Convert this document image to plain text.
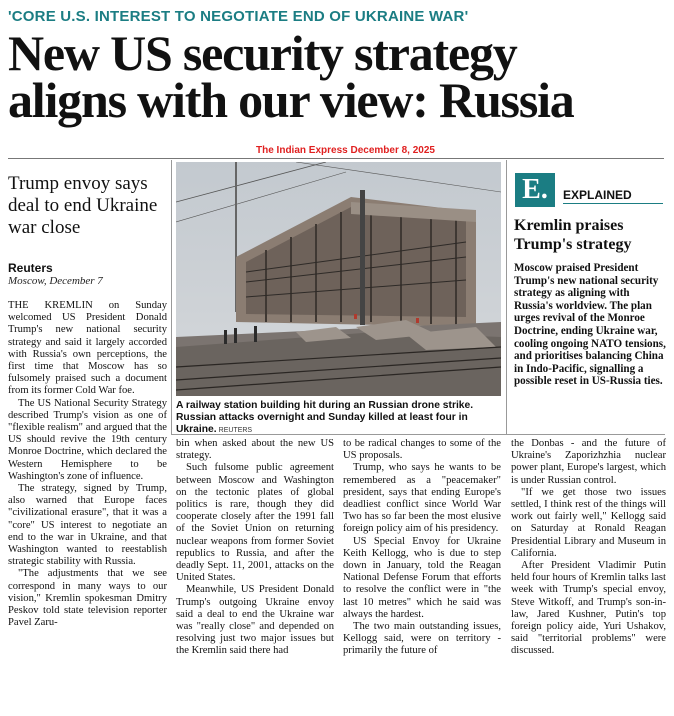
'CORE U.S. INTEREST TO NEGOTIATE END OF UKRAINE WAR'
New US security strategy
aligns with our view: Russia
The Indian Express December 8, 2025
Trump envoy says deal to end Ukraine war close
Reuters
Moscow, December 7

THE KREMLIN on Sunday welcomed US President Donald Trump's new national security strategy and said it largely accorded with Russia's own perceptions, the first time that Moscow has so fulsomely praised such a document from its former Cold War foe.

The US National Security Strategy described Trump's vision as one of "flexible realism" and argued that the US should revive the 19th century Monroe Doctrine, which declared the Western Hemisphere to be Washington's zone of influence.

The strategy, signed by Trump, also warned that Europe faces "civilizational erasure", that it was a "core" US interest to negotiate an end to the war in Ukraine, and that Washington wanted to reestablish strategic stability with Russia.

"The adjustments that we see correspond in many ways to our vision," Kremlin spokesman Dmitry Peskov told state television reporter Pavel Zaru-

bin when asked about the new US strategy.

Such fulsome public agreement between Moscow and Washington on the tectonic plates of global politics is rare, though they did cooperate closely after the 1991 fall of the Soviet Union on returning nuclear weapons from former Soviet republics to Russia, and after the deadly Sept. 11, 2001, attacks on the United States.

Meanwhile, US President Donald Trump's outgoing Ukraine envoy said a deal to end the Ukraine war was "really close" and depended on resolving just two major issues but the Kremlin said there had

to be radical changes to some of the US proposals.

Trump, who says he wants to be remembered as a "peacemaker" president, says that ending Europe's deadliest conflict since World War Two has so far been the most elusive foreign policy aim of his presidency.

US Special Envoy for Ukraine Keith Kellogg, who is due to step down in January, told the Reagan National Defense Forum that efforts to resolve the conflict were in "the last 10 metres" which he said was always the hardest.

The two main outstanding issues, Kellogg said, were on territory - primarily the future of

the Donbas - and the future of Ukraine's Zaporizhzhia nuclear power plant, Europe's largest, which is under Russian control.

"If we get those two issues settled, I think rest of the things will work out fairly well," Kellogg said on Saturday at Ronald Reagan Presidential Library and Museum in California.

After President Vladimir Putin held four hours of Kremlin talks last week with Trump's special envoy, Steve Witkoff, and Trump's son-in-law, Jared Kushner, Putin's top foreign policy aide, Yuri Ushakov, said "territorial problems" were discussed.

A railway station building hit during an Russian drone strike. Russian attacks overnight and Sunday killed at least four in Ukraine. REUTERS
E.	EXPLAINED
Kremlin praises Trump's strategy
Moscow praised President Trump's new national security strategy as aligning with Russia's worldview. The plan urges revival of the Monroe Doctrine, ending Ukraine war, cooling ongoing NATO tensions, and prioritises balancing China in Indo-Pacific, signalling a possible reset in US-Russia ties.
